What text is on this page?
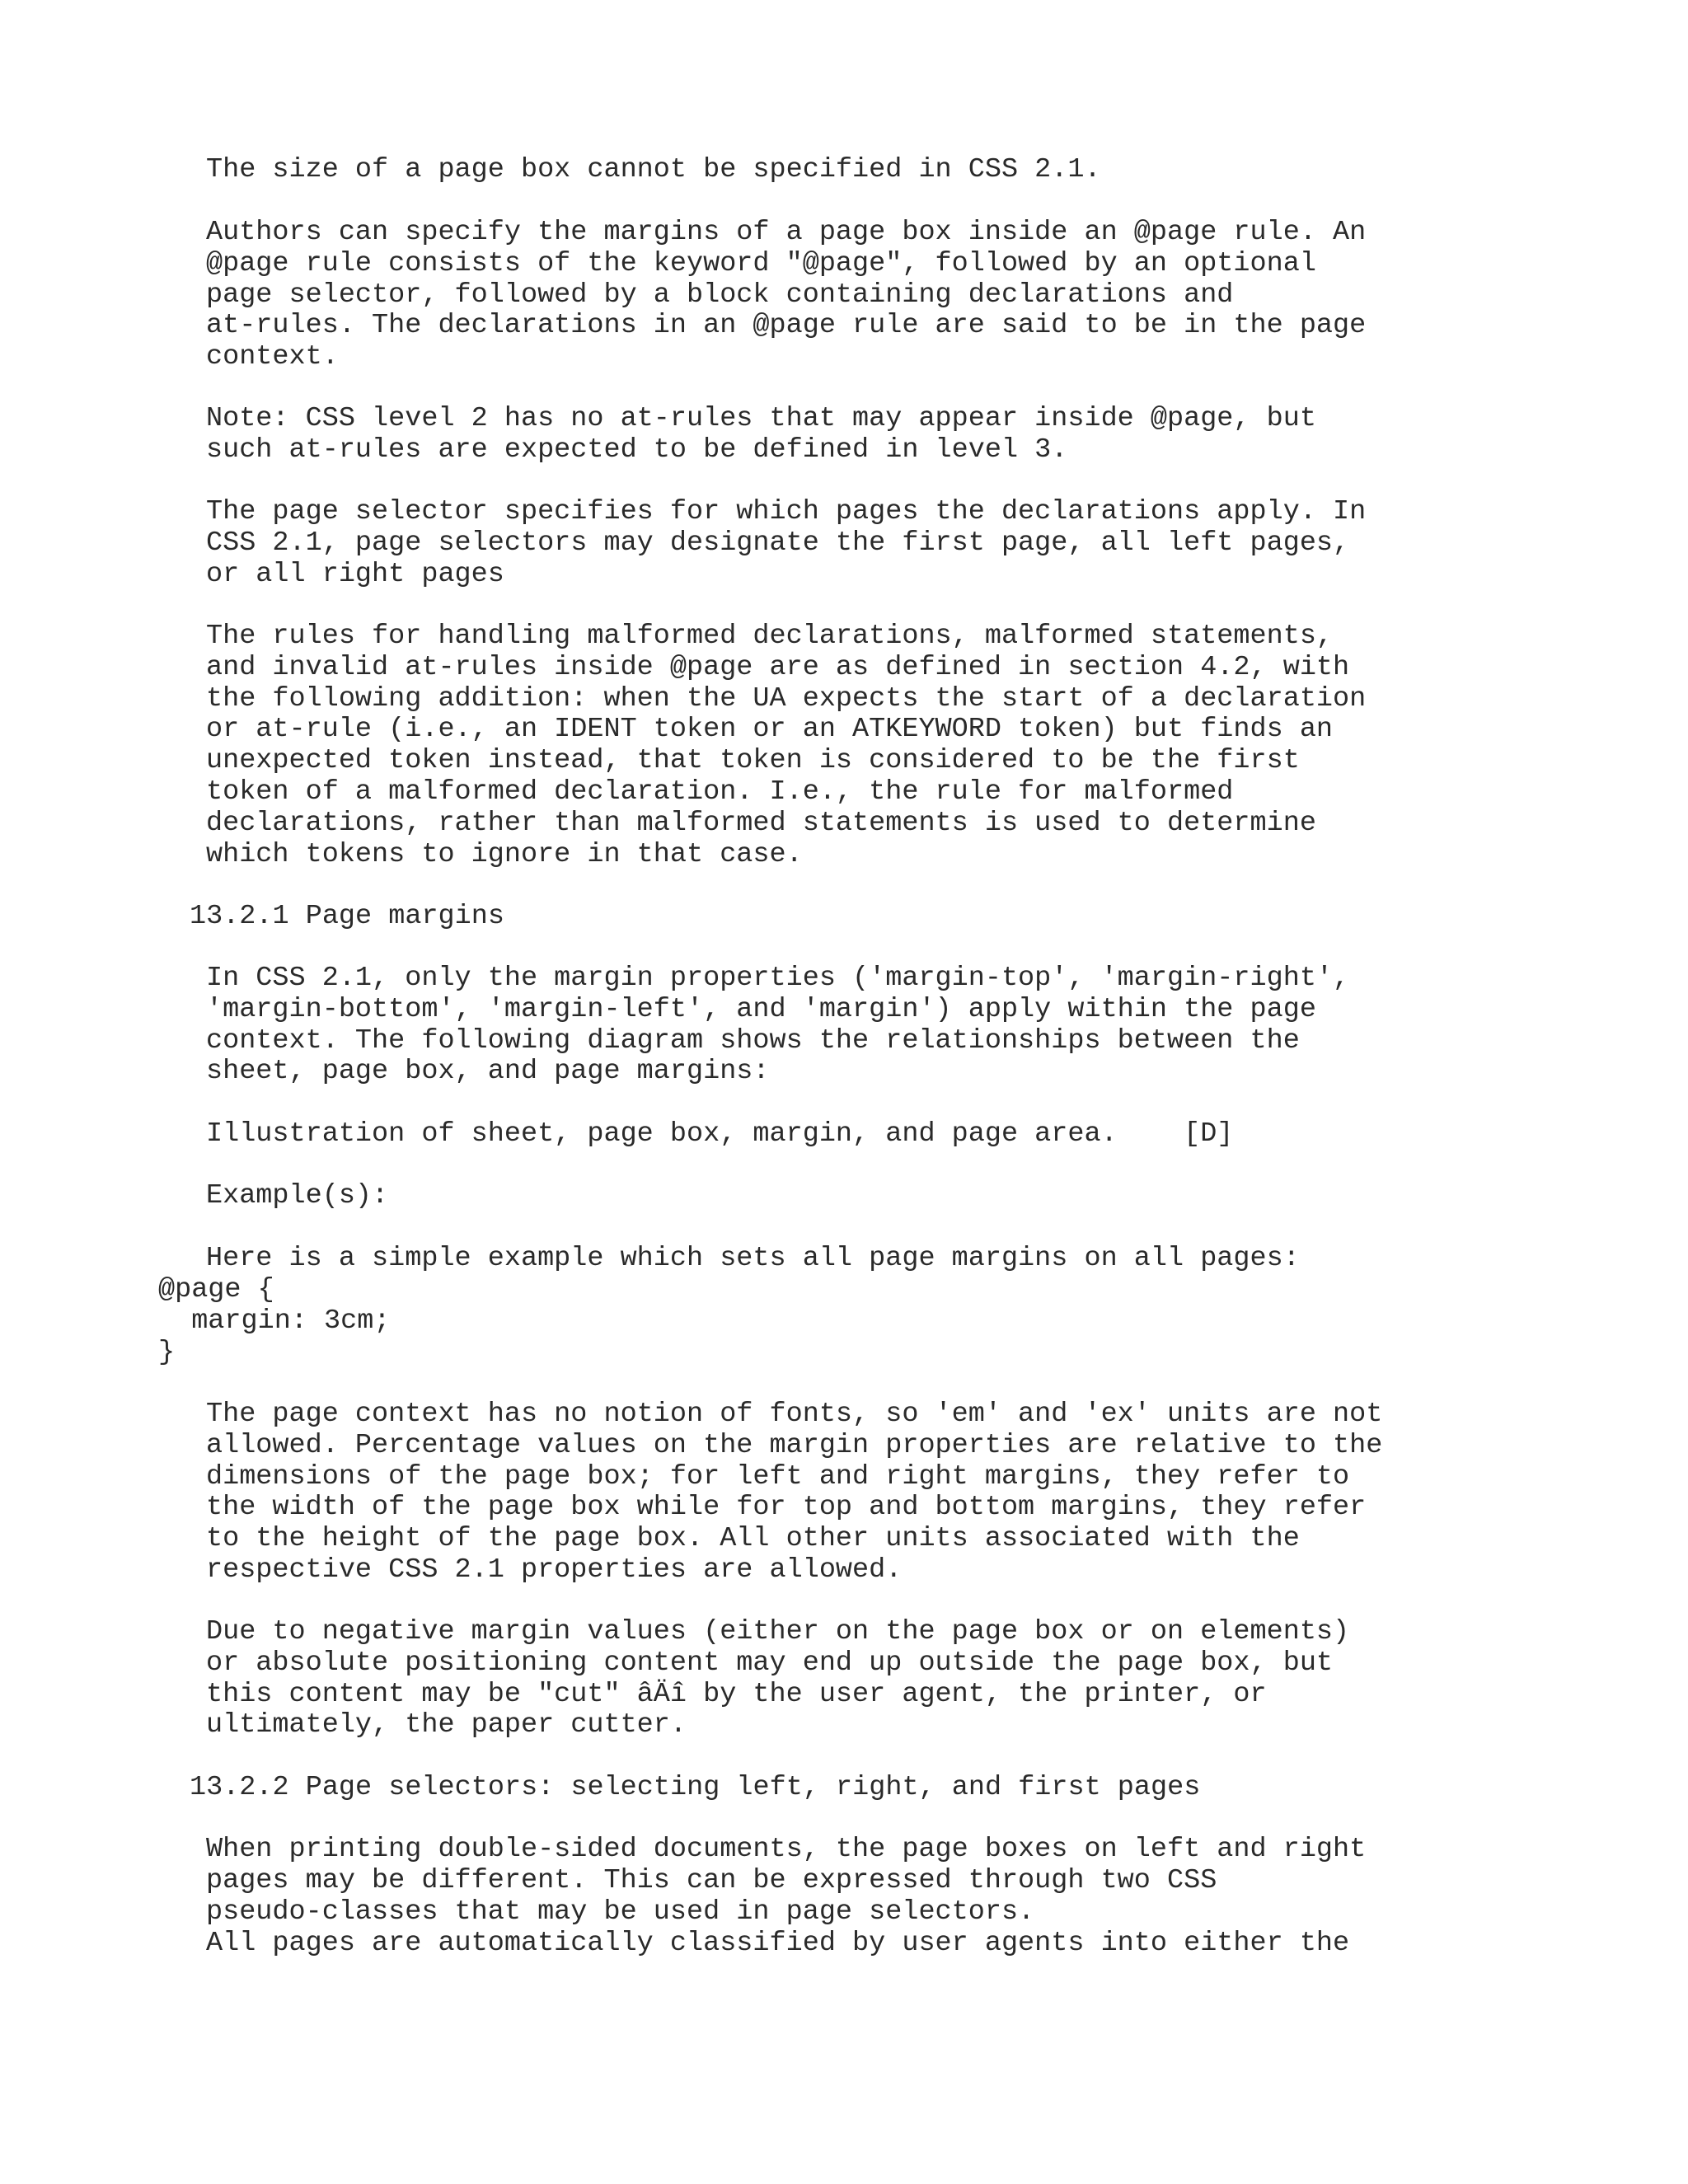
The size of a page box cannot be specified in CSS 2.1.

Authors can specify the margins of a page box inside an @page rule. An
@page rule consists of the keyword "@page", followed by an optional
page selector, followed by a block containing declarations and
at-rules. The declarations in an @page rule are said to be in the page
context.

Note: CSS level 2 has no at-rules that may appear inside @page, but
such at-rules are expected to be defined in level 3.

The page selector specifies for which pages the declarations apply. In
CSS 2.1, page selectors may designate the first page, all left pages,
or all right pages

The rules for handling malformed declarations, malformed statements,
and invalid at-rules inside @page are as defined in section 4.2, with
the following addition: when the UA expects the start of a declaration
or at-rule (i.e., an IDENT token or an ATKEYWORD token) but finds an
unexpected token instead, that token is considered to be the first
token of a malformed declaration. I.e., the rule for malformed
declarations, rather than malformed statements is used to determine
which tokens to ignore in that case.

13.2.1 Page margins

In CSS 2.1, only the margin properties ('margin-top', 'margin-right',
'margin-bottom', 'margin-left', and 'margin') apply within the page
context. The following diagram shows the relationships between the
sheet, page box, and page margins:

Illustration of sheet, page box, margin, and page area.    [D]

Example(s):

Here is a simple example which sets all page margins on all pages:

@page {
margin: 3cm;
}

The page context has no notion of fonts, so 'em' and 'ex' units are not
allowed. Percentage values on the margin properties are relative to the
dimensions of the page box; for left and right margins, they refer to
the width of the page box while for top and bottom margins, they refer
to the height of the page box. All other units associated with the
respective CSS 2.1 properties are allowed.

Due to negative margin values (either on the page box or on elements)
or absolute positioning content may end up outside the page box, but
this content may be "cut" âÄî by the user agent, the printer, or
ultimately, the paper cutter.

13.2.2 Page selectors: selecting left, right, and first pages

When printing double-sided documents, the page boxes on left and right
pages may be different. This can be expressed through two CSS
pseudo-classes that may be used in page selectors.

All pages are automatically classified by user agents into either the
